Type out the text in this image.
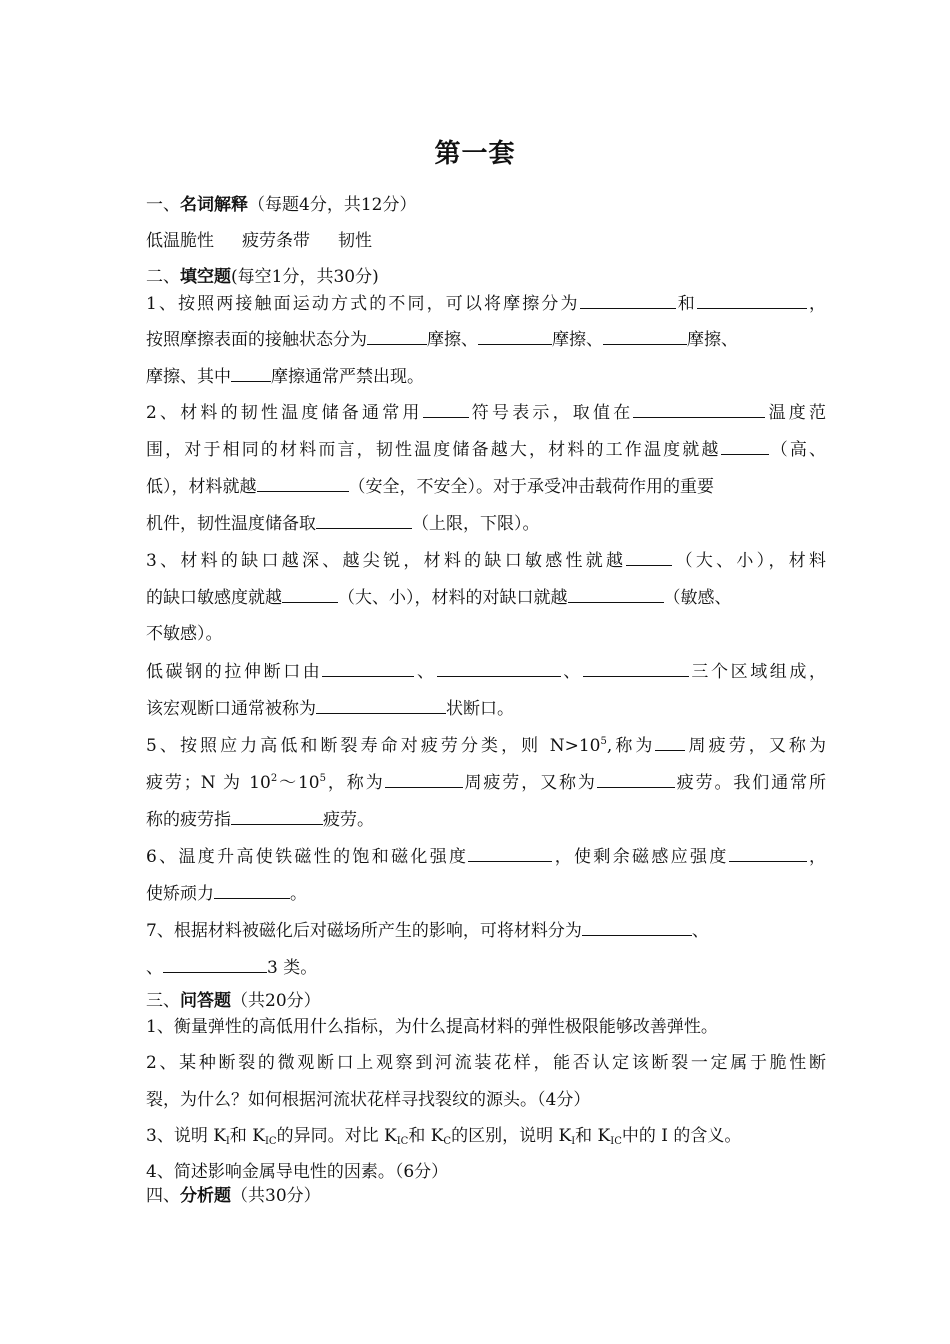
第一套
一、名词解释（每题4分，共12分）
低温脆性 疲劳条带 韧性
二、填空题(每空1分，共30分)
1、按照两接触面运动方式的不同，可以将摩擦分为	和	，
按照摩擦表面的接触状态分为	摩擦、	摩擦、	摩擦、
摩擦、其中 摩擦通常严禁出现。
2、材料的韧性温度储备通常用	符号表示，取值在	温度范
围，对于相同的材料而言，韧性温度储备越大，材料的工作温度就越	（高、
低），材料就越	（安全，不安全）。对于承受冲击载荷作用的重要
机件，韧性温度储备取	（上限，下限）。
3、材料的缺口越深、越尖锐，材料的缺口敏感性就越	（大、小），材料
的缺口敏感度就越	（大、小），材料的对缺口就越	（敏感、
不敏感）。
低碳钢的拉伸断口由	、	、	三个区域组成，
该宏观断口通常被称为	状断口。
5、按照应力高低和断裂寿命对疲劳分类，则 $N>10^5$,称为 周疲劳，又称为
疲劳；N 为 $10^2\sim 10^5$，称为	周疲劳，又称为	疲劳。我们通常所
称的疲劳指	疲劳。
6、温度升高使铁磁性的饱和磁化强度	，使剩余磁感应强度	，
使矫顽力	。
7、根据材料被磁化后对磁场所产生的影响，可将材料分为	、
、	3 类。
三、问答题（共20分）
1、衡量弹性的高低用什么指标，为什么提高材料的弹性极限能够改善弹性。
2、某种断裂的微观断口上观察到河流装花样，能否认定该断裂一定属于脆性断
裂，为什么？如何根据河流状花样寻找裂纹的源头。（4分）
3、说明 $K_I$和 $K_{IC}$的异同。对比 $K_{IC}$和 $K_C$的区别，说明 $K_I$和 $K_{IC}$中的 I 的含义。
4、简述影响金属导电性的因素。（6分）
四、分析题（共30分）
